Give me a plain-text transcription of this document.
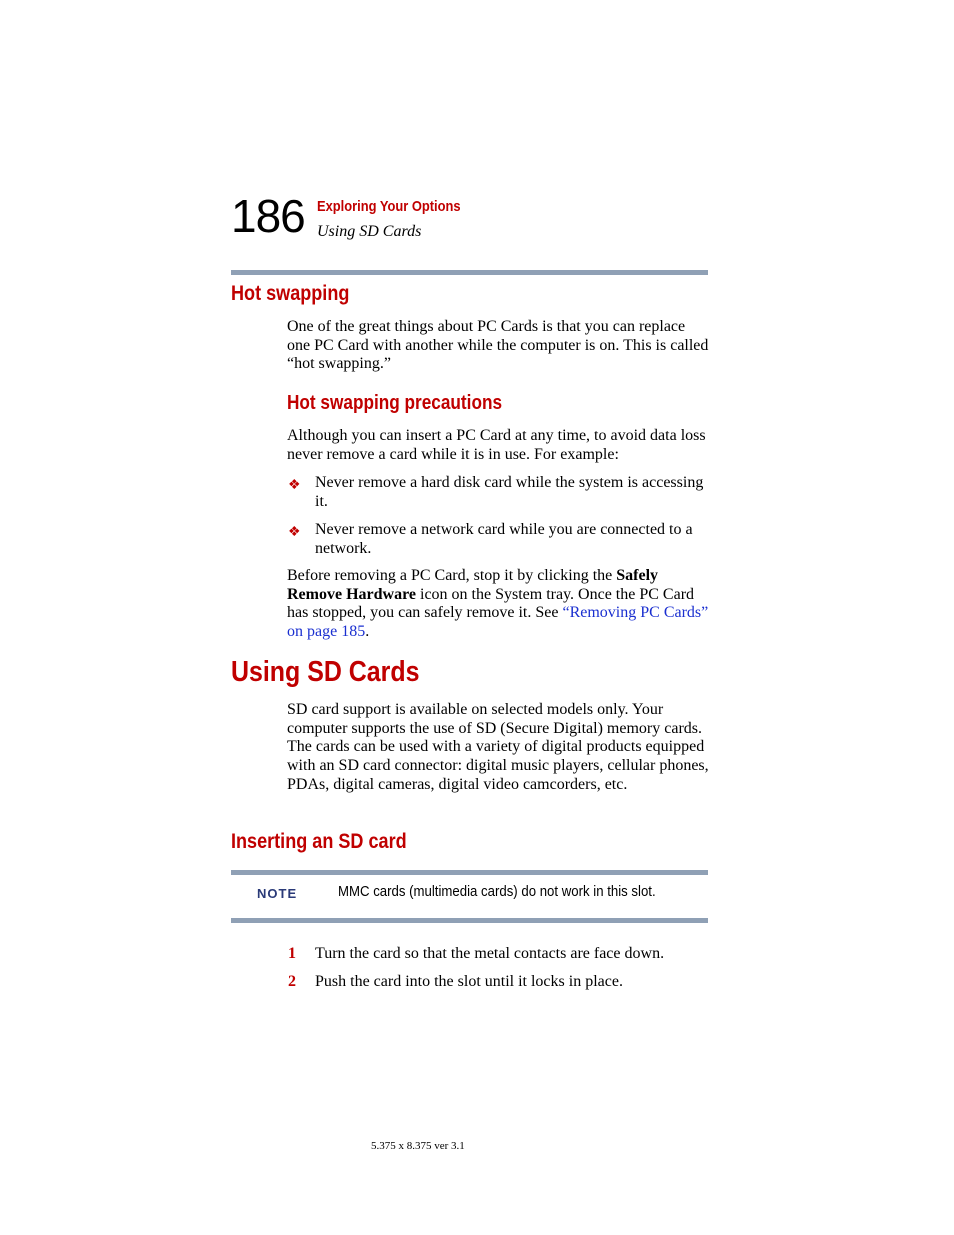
186 Exploring Your Options
Using SD Cards
Hot swapping
One of the great things about PC Cards is that you can replace one PC Card with another while the computer is on. This is called “hot swapping.”
Hot swapping precautions
Although you can insert a PC Card at any time, to avoid data loss never remove a card while it is in use. For example:
❖ Never remove a hard disk card while the system is accessing it.
❖ Never remove a network card while you are connected to a network.
Before removing a PC Card, stop it by clicking the Safely Remove Hardware icon on the System tray. Once the PC Card has stopped, you can safely remove it. See “Removing PC Cards” on page 185.
Using SD Cards
SD card support is available on selected models only. Your computer supports the use of SD (Secure Digital) memory cards. The cards can be used with a variety of digital products equipped with an SD card connector: digital music players, cellular phones, PDAs, digital cameras, digital video camcorders, etc.
Inserting an SD card
NOTE	MMC cards (multimedia cards) do not work in this slot.
1 Turn the card so that the metal contacts are face down.
2 Push the card into the slot until it locks in place.
5.375 x 8.375 ver 3.1
